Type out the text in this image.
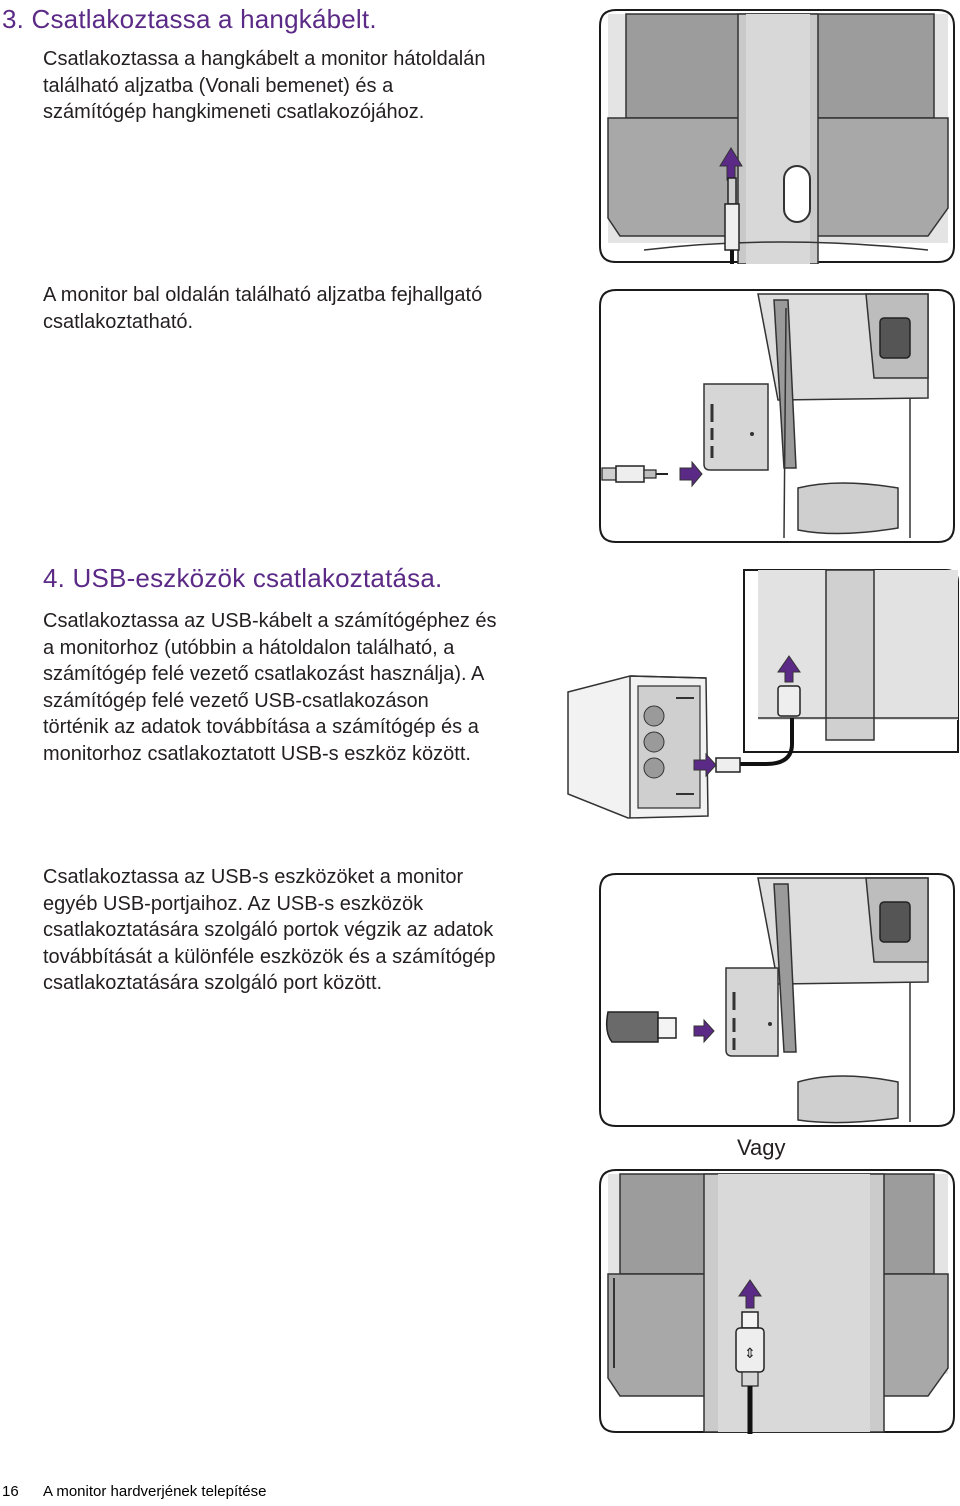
3. Csatlakoztassa a hangkábelt.

Csatlakoztassa a hangkábelt a monitor hátoldalán
található aljzatba (Vonali bemenet) és a
számítógép hangkimeneti csatlakozójához.

A monitor bal oldalán található aljzatba fejhallgató
csatlakoztatható.

4. USB-eszközök csatlakoztatása.

Csatlakoztassa az USB-kábelt a számítógéphez és
a monitorhoz (utóbbin a hátoldalon található, a
számítógép felé vezető csatlakozást használja). A
számítógép felé vezető USB-csatlakozáson
történik az adatok továbbítása a számítógép és a
monitorhoz csatlakoztatott USB-s eszköz között.

Csatlakoztassa az USB-s eszközöket a monitor
egyéb USB-portjaihoz. Az USB-s eszközök
csatlakoztatására szolgáló portok végzik az adatok
továbbítását a különféle eszközök és a számítógép
csatlakoztatására szolgáló port között.

Vagy
⇕
16 A monitor hardverjének telepítése
